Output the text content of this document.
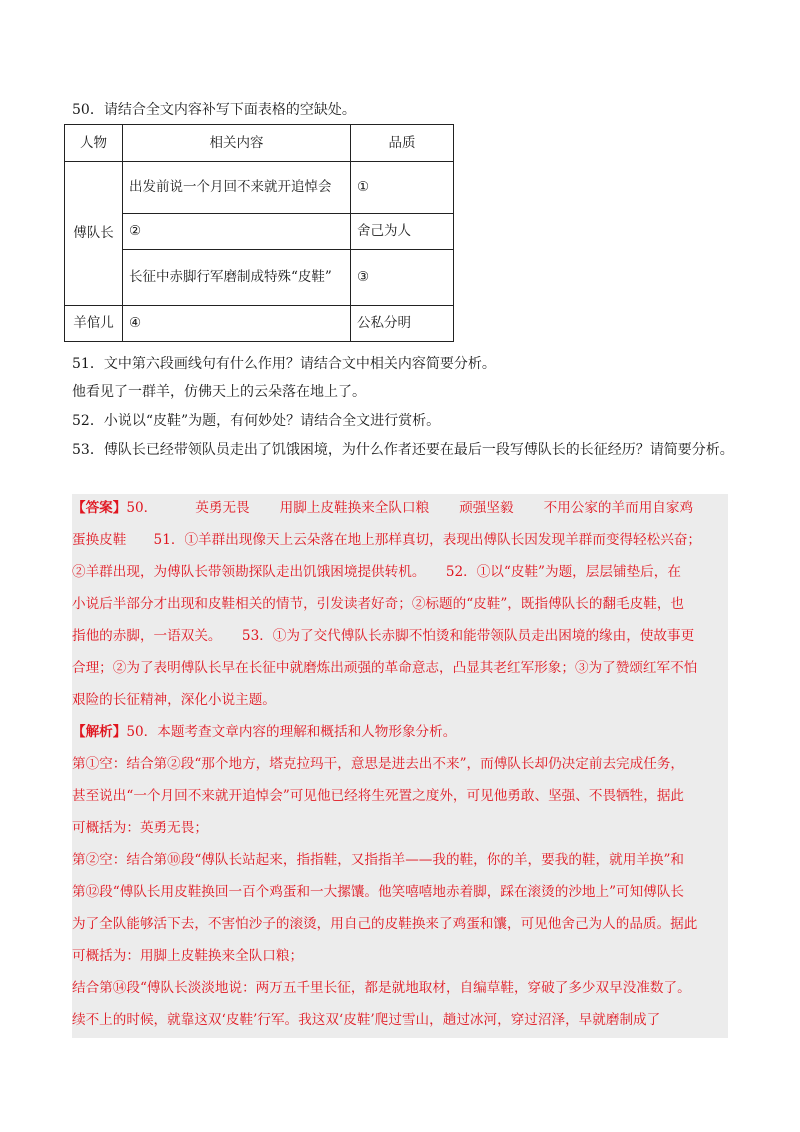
50．请结合全文内容补写下面表格的空缺处。
人物	相关内容	品质
傅队长	出发前说一个月回不来就开追悼会	①
	②	舍己为人
	长征中赤脚行军磨制成特殊“皮鞋”	③
羊倌儿	④	公私分明
51．文中第六段画线句有什么作用？请结合文中相关内容简要分析。
他看见了一群羊，仿佛天上的云朵落在地上了。
52．小说以“皮鞋”为题，有何妙处？请结合全文进行赏析。
53．傅队长已经带领队员走出了饥饿困境，为什么作者还要在最后一段写傅队长的长征经历？请简要分析。
【答案】50．	英勇无畏 用脚上皮鞋换来全队口粮 顽强坚毅 不用公家的羊而用自家鸡
蛋换皮鞋　　51．①羊群出现像天上云朵落在地上那样真切，表现出傅队长因发现羊群而变得轻松兴奋；
②羊群出现，为傅队长带领勘探队走出饥饿困境提供转机。　　52．①以“皮鞋”为题，层层铺垫后，在
小说后半部分才出现和皮鞋相关的情节，引发读者好奇；②标题的“皮鞋”，既指傅队长的翻毛皮鞋，也
指他的赤脚，一语双关。　　53．①为了交代傅队长赤脚不怕烫和能带领队员走出困境的缘由，使故事更
合理；②为了表明傅队长早在长征中就磨炼出顽强的革命意志，凸显其老红军形象；③为了赞颂红军不怕
艰险的长征精神，深化小说主题。
【解析】50．本题考查文章内容的理解和概括和人物形象分析。
第①空：结合第②段“那个地方，塔克拉玛干，意思是进去出不来”，而傅队长却仍决定前去完成任务，
甚至说出“一个月回不来就开追悼会”可见他已经将生死置之度外，可见他勇敢、坚强、不畏牺牲，据此
可概括为：英勇无畏；
第②空：结合第⑩段“傅队长站起来，指指鞋，又指指羊——我的鞋，你的羊，要我的鞋，就用羊换”和
第⑫段“傅队长用皮鞋换回一百个鸡蛋和一大摞馕。他笑嘻嘻地赤着脚，踩在滚烫的沙地上”可知傅队长
为了全队能够活下去，不害怕沙子的滚烫，用自己的皮鞋换来了鸡蛋和馕，可见他舍己为人的品质。据此
可概括为：用脚上皮鞋换来全队口粮；
结合第⑭段“傅队长淡淡地说：两万五千里长征，都是就地取材，自编草鞋，穿破了多少双早没准数了。
续不上的时候，就靠这双‘皮鞋’行军。我这双‘皮鞋’爬过雪山，趟过冰河，穿过沼泽，早就磨制成了
